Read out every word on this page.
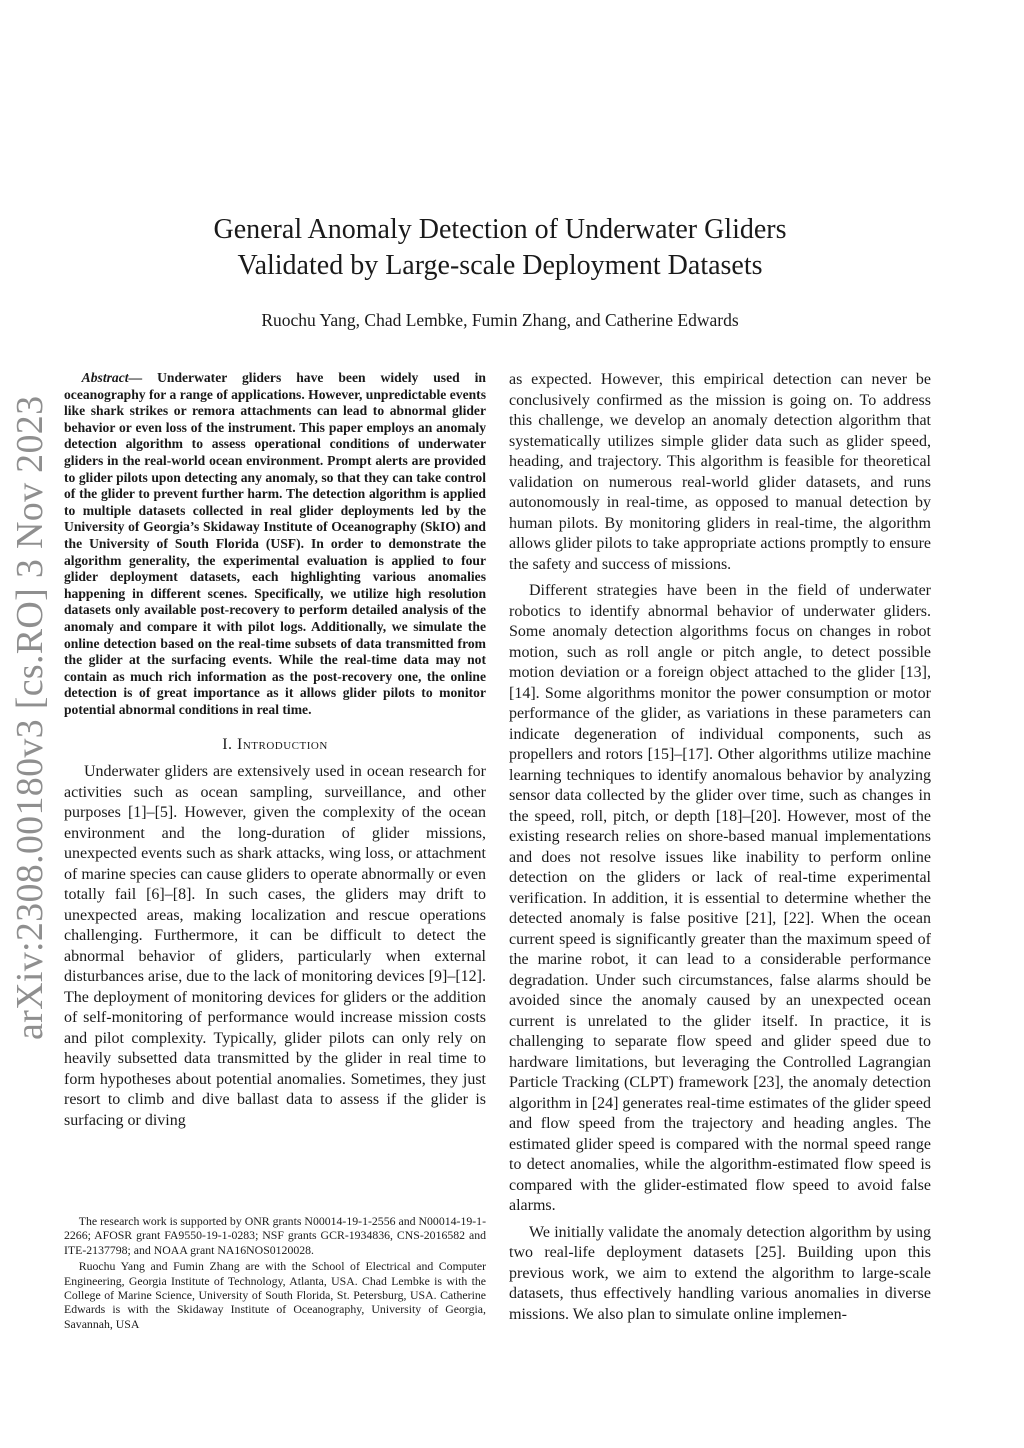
arXiv:2308.00180v3 [cs.RO] 3 Nov 2023
General Anomaly Detection of Underwater Gliders
Validated by Large-scale Deployment Datasets
Ruochu Yang, Chad Lembke, Fumin Zhang, and Catherine Edwards

Abstract— Underwater gliders have been widely used in oceanography for a range of applications. However, unpredictable events like shark strikes or remora attachments can lead to abnormal glider behavior or even loss of the instrument. This paper employs an anomaly detection algorithm to assess operational conditions of underwater gliders in the real-world ocean environment. Prompt alerts are provided to glider pilots upon detecting any anomaly, so that they can take control of the glider to prevent further harm. The detection algorithm is applied to multiple datasets collected in real glider deployments led by the University of Georgia’s Skidaway Institute of Oceanography (SkIO) and the University of South Florida (USF). In order to demonstrate the algorithm generality, the experimental evaluation is applied to four glider deployment datasets, each highlighting various anomalies happening in different scenes. Specifically, we utilize high resolution datasets only available post-recovery to perform detailed analysis of the anomaly and compare it with pilot logs. Additionally, we simulate the online detection based on the real-time subsets of data transmitted from the glider at the surfacing events. While the real-time data may not contain as much rich information as the post-recovery one, the online detection is of great importance as it allows glider pilots to monitor potential abnormal conditions in real time.

I. Introduction

Underwater gliders are extensively used in ocean research for activities such as ocean sampling, surveillance, and other purposes [1]–[5]. However, given the complexity of the ocean environment and the long-duration of glider missions, unexpected events such as shark attacks, wing loss, or attachment of marine species can cause gliders to operate abnormally or even totally fail [6]–[8]. In such cases, the gliders may drift to unexpected areas, making localization and rescue operations challenging. Furthermore, it can be difficult to detect the abnormal behavior of gliders, particularly when external disturbances arise, due to the lack of monitoring devices [9]–[12]. The deployment of monitoring devices for gliders or the addition of self-monitoring of performance would increase mission costs and pilot complexity. Typically, glider pilots can only rely on heavily subsetted data transmitted by the glider in real time to form hypotheses about potential anomalies. Sometimes, they just resort to climb and dive ballast data to assess if the glider is surfacing or diving

The research work is supported by ONR grants N00014-19-1-2556 and N00014-19-1-2266; AFOSR grant FA9550-19-1-0283; NSF grants GCR-1934836, CNS-2016582 and ITE-2137798; and NOAA grant NA16NOS0120028.

Ruochu Yang and Fumin Zhang are with the School of Electrical and Computer Engineering, Georgia Institute of Technology, Atlanta, USA. Chad Lembke is with the College of Marine Science, University of South Florida, St. Petersburg, USA. Catherine Edwards is with the Skidaway Institute of Oceanography, University of Georgia, Savannah, USA

as expected. However, this empirical detection can never be conclusively confirmed as the mission is going on. To address this challenge, we develop an anomaly detection algorithm that systematically utilizes simple glider data such as glider speed, heading, and trajectory. This algorithm is feasible for theoretical validation on numerous real-world glider datasets, and runs autonomously in real-time, as opposed to manual detection by human pilots. By monitoring gliders in real-time, the algorithm allows glider pilots to take appropriate actions promptly to ensure the safety and success of missions.

Different strategies have been in the field of underwater robotics to identify abnormal behavior of underwater gliders. Some anomaly detection algorithms focus on changes in robot motion, such as roll angle or pitch angle, to detect possible motion deviation or a foreign object attached to the glider [13], [14]. Some algorithms monitor the power consumption or motor performance of the glider, as variations in these parameters can indicate degeneration of individual components, such as propellers and rotors [15]–[17]. Other algorithms utilize machine learning techniques to identify anomalous behavior by analyzing sensor data collected by the glider over time, such as changes in the speed, roll, pitch, or depth [18]–[20]. However, most of the existing research relies on shore-based manual implementations and does not resolve issues like inability to perform online detection on the gliders or lack of real-time experimental verification. In addition, it is essential to determine whether the detected anomaly is false positive [21], [22]. When the ocean current speed is significantly greater than the maximum speed of the marine robot, it can lead to a considerable performance degradation. Under such circumstances, false alarms should be avoided since the anomaly caused by an unexpected ocean current is unrelated to the glider itself. In practice, it is challenging to separate flow speed and glider speed due to hardware limitations, but leveraging the Controlled Lagrangian Particle Tracking (CLPT) framework [23], the anomaly detection algorithm in [24] generates real-time estimates of the glider speed and flow speed from the trajectory and heading angles. The estimated glider speed is compared with the normal speed range to detect anomalies, while the algorithm-estimated flow speed is compared with the glider-estimated flow speed to avoid false alarms.

We initially validate the anomaly detection algorithm by using two real-life deployment datasets [25]. Building upon this previous work, we aim to extend the algorithm to large-scale datasets, thus effectively handling various anomalies in diverse missions. We also plan to simulate online implemen-
